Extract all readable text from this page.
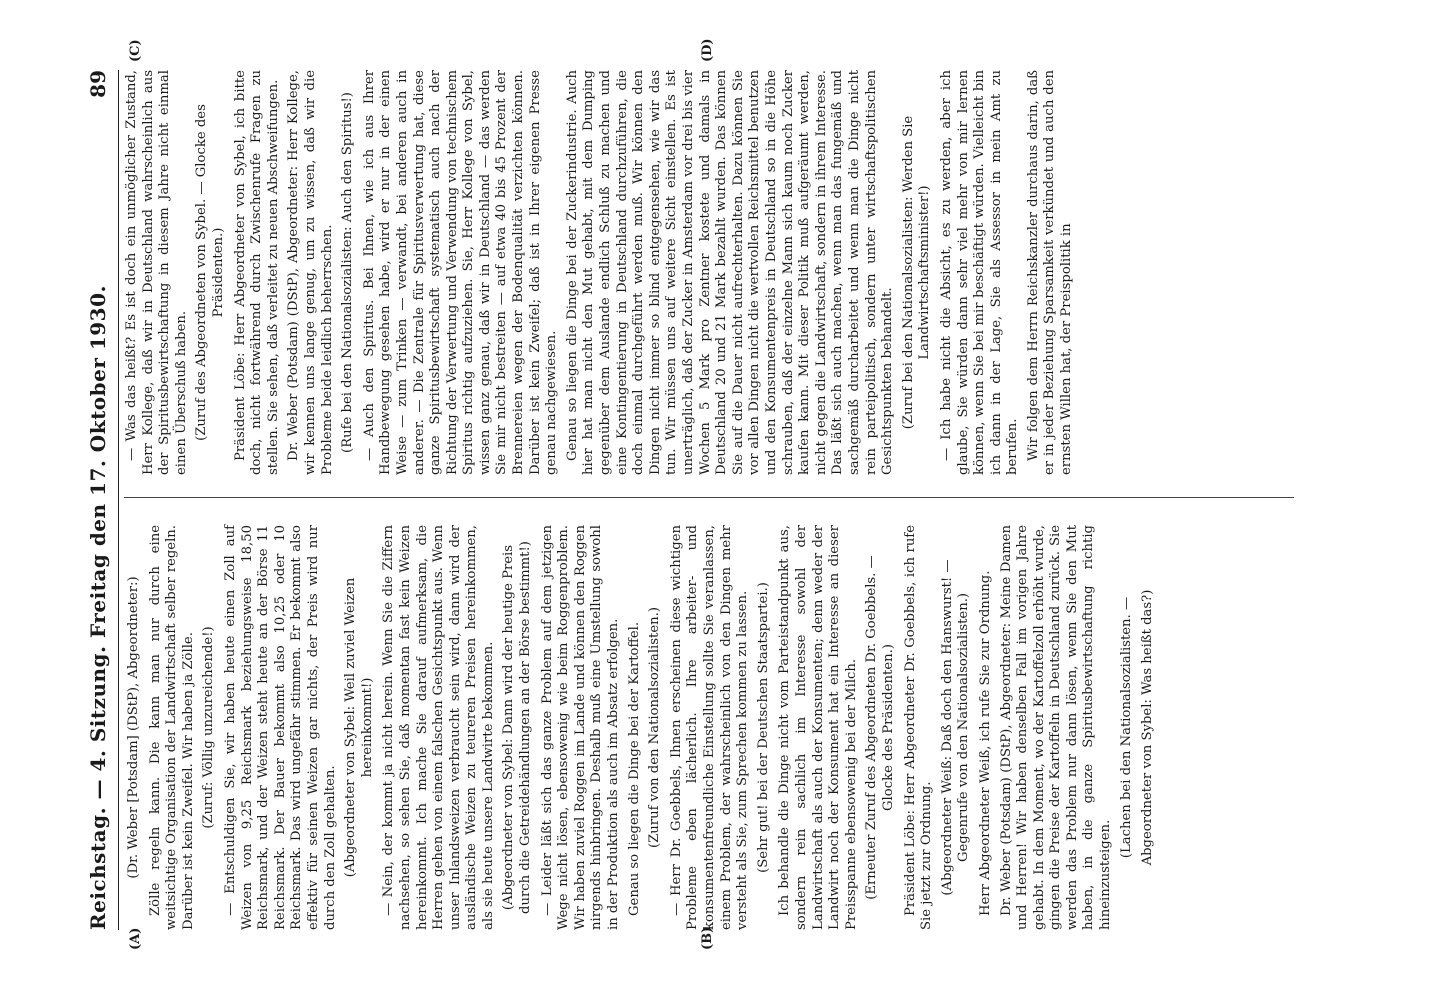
Reichstag. — 4. Sitzung. Freitag den 17. Oktober 1930.
89
(A)	(B)
(C)	(D)

(Dr. Weber [Potsdam] (DStP), Abgeordneter:) Zölle regeln kann. Die kann man nur durch eine weitsichtige Organisation der Landwirtschaft selber regeln. Darüber ist kein Zweifel. Wir haben ja Zölle. (Zuruf: Völlig unzureichende!) — Entschuldigen Sie, wir haben heute einen Zoll auf Weizen von 9,25 Reichsmark beziehungsweise 18,50 Reichsmark, und der Weizen steht heute an der Börse 11 Reichsmark. Der Bauer bekommt also 10,25 oder 10 Reichsmark. Das wird ungefähr stimmen. Er bekommt also effektiv für seinen Weizen gar nichts, der Preis wird nur durch den Zoll gehalten. (Abgeordneter von Sybel: Weil zuviel Weizen hereinkommt!) — Nein, der kommt ja nicht herein. Wenn Sie die Ziffern nachsehen, so sehen Sie, daß momentan fast kein Weizen hereinkommt. Ich mache Sie darauf aufmerksam, die Herren gehen von einem falschen Gesichtspunkt aus. Wenn unser Inlandsweizen verbraucht sein wird, dann wird der ausländische Weizen zu teureren Preisen hereinkommen, als sie heute unsere Landwirte bekommen. (Abgeordneter von Sybel: Dann wird der heutige Preis durch die Getreidehändlungen an der Börse bestimmt!) — Leider läßt sich das ganze Problem auf dem jetzigen Wege nicht lösen, ebensowenig wie beim Roggenproblem. Wir haben zuviel Roggen im Lande und können den Roggen nirgends hinbringen. Deshalb muß eine Umstellung sowohl in der Produktion als auch im Absatz erfolgen. Genau so liegen die Dinge bei der Kartoffel. (Zuruf von den Nationalsozialisten.) — Herr Dr. Goebbels, Ihnen erscheinen diese wichtigen Probleme eben lächerlich. Ihre arbeiter- und konsumentenfreundliche Einstellung sollte Sie veranlassen, einem Problem, der wahrscheinlich von den Dingen mehr versteht als Sie, zum Sprechen kommen zu lassen. (Sehr gut! bei der Deutschen Staatspartei.) Ich behandle die Dinge nicht vom Parteistandpunkt aus, sondern rein sachlich im Interesse sowohl der Landwirtschaft als auch der Konsumenten; denn weder der Landwirt noch der Konsument hat ein Interesse an dieser Preisspanne ebensowenig bei der Milch. (Erneuter Zuruf des Abgeordneten Dr. Goebbels. — Glocke des Präsidenten.) Präsident Löbe: Herr Abgeordneter Dr. Goebbels, ich rufe Sie jetzt zur Ordnung. (Abgeordneter Weiß: Daß doch den Hanswurst! — Gegenrufe von den Nationalsozialisten.) Herr Abgeordneter Weiß, ich rufe Sie zur Ordnung. Dr. Weber (Potsdam) (DStP), Abgeordneter: Meine Damen und Herren! Wir haben denselben Fall im vorigen Jahre gehabt. In dem Moment, wo der Kartoffelzoll erhöht wurde, gingen die Preise der Kartoffeln in Deutschland zurück. Sie werden das Problem nur dann lösen, wenn Sie den Mut haben, in die ganze Spiritusbewirtschaftung richtig hineinzusteigen.

(Lachen bei den Nationalsozialisten. — Abgeordneter von Sybel: Was heißt das?)

— Was das heißt? Es ist doch ein unmöglicher Zustand, Herr Kollege, daß wir in Deutschland wahrscheinlich aus der Spiritusbewirtschaftung in diesem Jahre nicht einmal einen Überschuß haben. (Zuruf des Abgeordneten von Sybel. — Glocke des Präsidenten.) Präsident Löbe: Herr Abgeordneter von Sybel, ich bitte doch, nicht fortwährend durch Zwischenrufe Fragen zu stellen. Sie sehen, daß verleitet zu neuen Abschweifungen. Dr. Weber (Potsdam) (DStP), Abgeordneter: Herr Kollege, wir kennen uns lange genug, um zu wissen, daß wir die Probleme beide leidlich beherrschen. (Rufe bei den Nationalsozialisten: Auch den Spiritus!) — Auch den Spiritus. Bei Ihnen, wie ich aus Ihrer Handbewegung gesehen habe, wird er nur in der einen Weise — zum Trinken — verwandt, bei anderen auch in anderer. — Die Zentrale für Spiritusverwertung hat, diese ganze Spiritusbewirtschaft systematisch auch nach der Richtung der Verwertung und Verwendung von technischem Spiritus richtig aufzuziehen. Sie, Herr Kollege von Sybel, wissen ganz genau, daß wir in Deutschland — das werden Sie mir nicht bestreiten — auf etwa 40 bis 45 Prozent der Brennereien wegen der Bodenqualität verzichten können. Darüber ist kein Zweifel; daß ist in Ihrer eigenen Presse genau nachgewiesen. Genau so liegen die Dinge bei der Zuckerindustrie. Auch hier hat man nicht den Mut gehabt, mit dem Dumping gegenüber dem Auslande endlich Schluß zu machen und eine Kontingentierung in Deutschland durchzuführen, die doch einmal durchgeführt werden muß. Wir können den Dingen nicht immer so blind entgegensehen, wie wir das tun. Wir müssen uns auf weitere Sicht einstellen. Es ist unerträglich, daß der Zucker in Amsterdam vor drei bis vier Wochen 5 Mark pro Zentner kostete und damals in Deutschland 20 und 21 Mark bezahlt wurden. Das können Sie auf die Dauer nicht aufrechterhalten. Dazu können Sie vor allen Dingen nicht die wertvollen Reichsmittel benutzen und den Konsumentenpreis in Deutschland so in die Höhe schrauben, daß der einzelne Mann sich kaum noch Zucker kaufen kann. Mit dieser Politik muß aufgeräumt werden, nicht gegen die Landwirtschaft, sondern in ihrem Interesse. Das läßt sich auch machen, wenn man das fungemäß und sachgemäß durcharbeitet und wenn man die Dinge nicht rein parteipolitisch, sondern unter wirtschaftspolitischen Gesichtspunkten behandelt. (Zuruf bei den Nationalsozialisten: Werden Sie Landwirtschaftsminister!) — Ich habe nicht die Absicht, es zu werden, aber ich glaube, Sie würden dann sehr viel mehr von mir lernen können, wenn Sie bei mir beschäftigt würden. Vielleicht bin ich dann in der Lage, Sie als Assessor in mein Amt zu berufen. Wir folgen dem Herrn Reichskanzler durchaus darin, daß er in jeder Beziehung Sparsamkeit verkündet und auch den ernsten Willen hat, der Preispolitik in
